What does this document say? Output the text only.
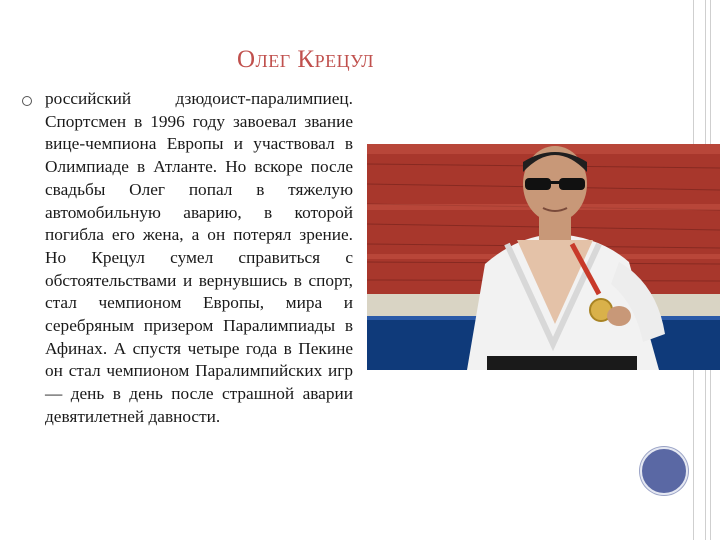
Олег Крецул
российский дзюдоист-паралимпиец. Спортсмен в 1996 году завоевал звание вице-чемпиона Европы и участвовал в Олимпиаде в Атланте. Но вскоре после свадьбы Олег попал в тяжелую автомобильную аварию, в которой погибла его жена, а он потерял зрение. Но Крецул сумел справиться с обстоятельствами и вернувшись в спорт, стал чемпионом Европы, мира и серебряным призером Паралимпиады в Афинах. А спустя четыре года в Пекине он стал чемпионом Паралимпийских игр — день в день после страшной аварии девятилетней давности.
